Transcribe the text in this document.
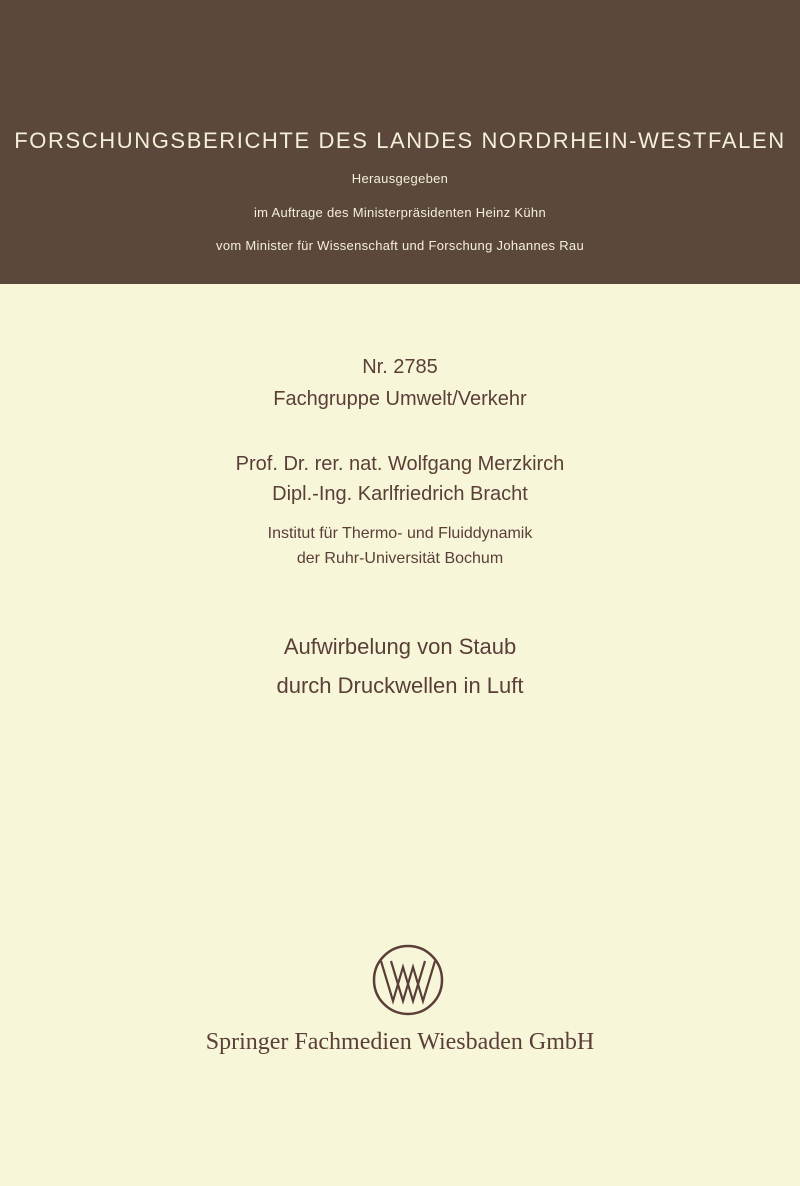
FORSCHUNGSBERICHTE DES LANDES NORDRHEIN-WESTFALEN
Herausgegeben
im Auftrage des Ministerpräsidenten Heinz Kühn
vom Minister für Wissenschaft und Forschung Johannes Rau
Nr. 2785
Fachgruppe Umwelt/Verkehr
Prof. Dr. rer. nat. Wolfgang Merzkirch
Dipl.-Ing. Karlfriedrich Bracht
Institut für Thermo- und Fluiddynamik
der Ruhr-Universität Bochum
Aufwirbelung von Staub
durch Druckwellen in Luft
Springer Fachmedien Wiesbaden GmbH
